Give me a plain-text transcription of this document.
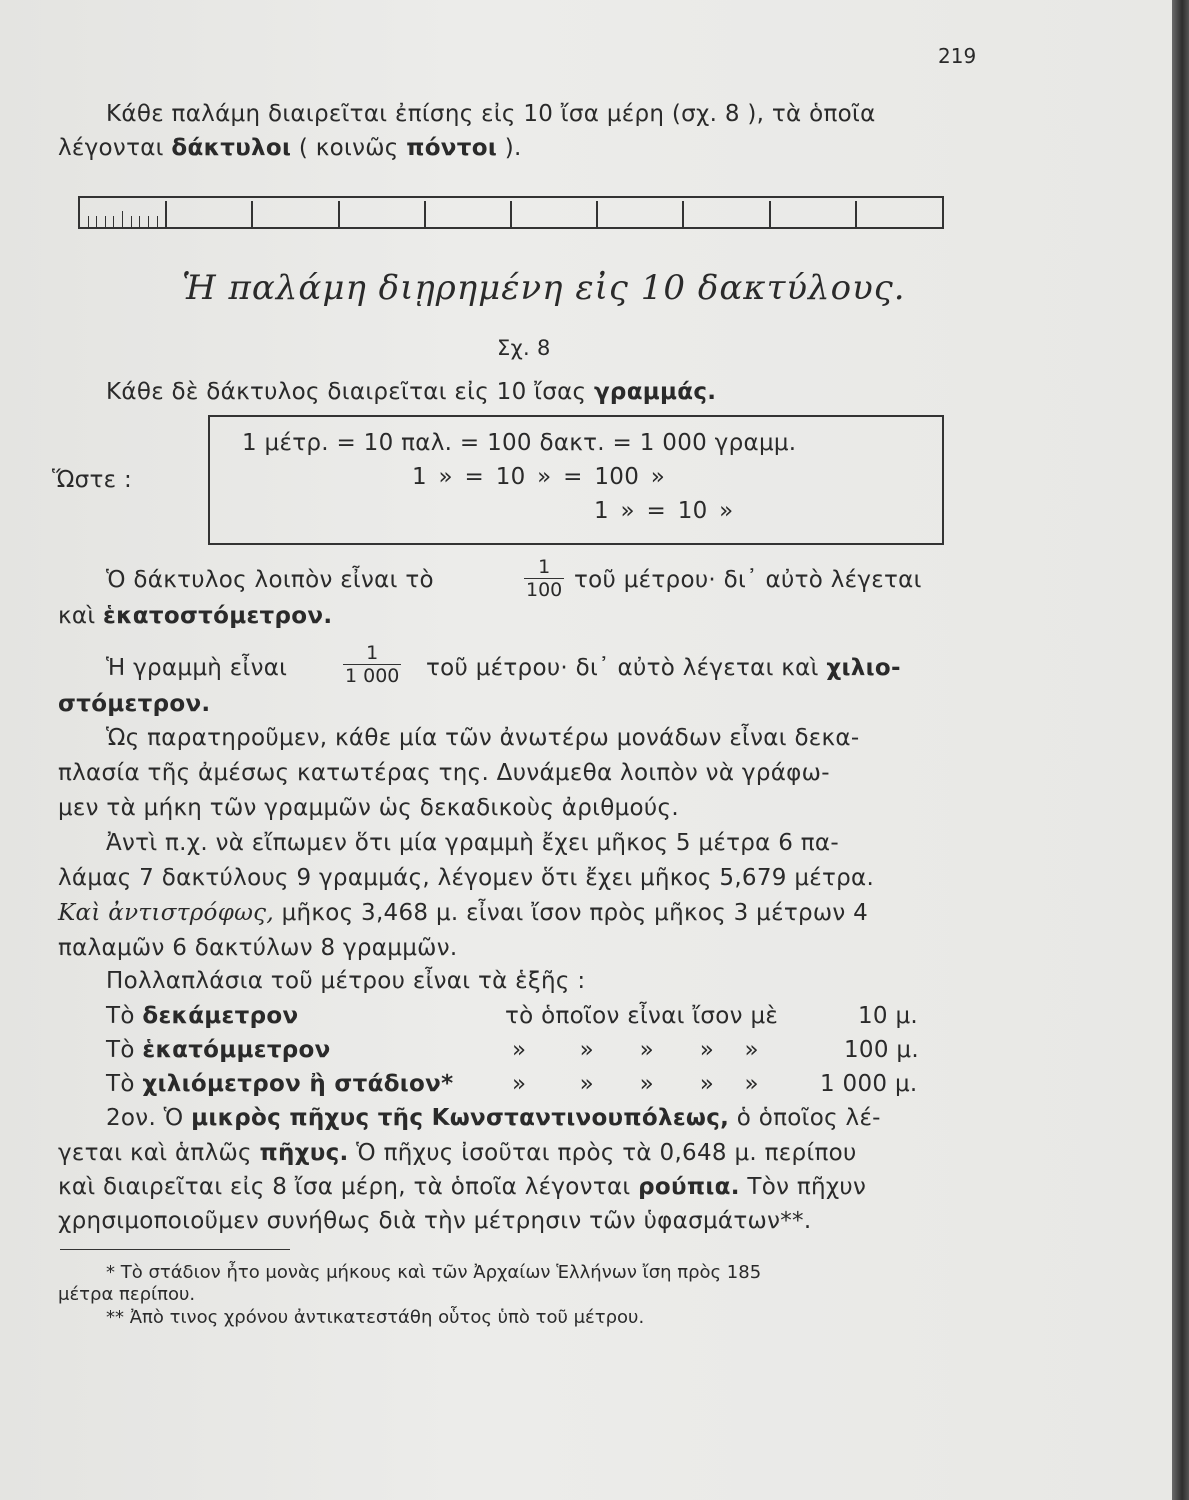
219
Κάθε παλάμη διαιρεῖται ἐπίσης εἰς 10 ἴσα μέρη (σχ. 8 ), τὰ ὁποῖα
λέγονται δάκτυλοι ( κοινῶς πόντοι ).
Ἡ παλάμη διῃρημένη εἰς 10 δακτύλους.
Σχ. 8
Κάθε δὲ δάκτυλος διαιρεῖται εἰς 10 ἴσας γραμμάς.
Ὥστε :
1 μέτρ. = 10 παλ. = 100 δακτ. = 1 000 γραμμ.
1 » = 10 » = 100 »
1 » = 10 »
Ὁ δάκτυλος λοιπὸν εἶναι τὸ	$\frac{1}{100}$ τοῦ μέτρου· δι᾽ αὐτὸ λέγεται
καὶ ἑκατοστόμετρον.
Ἡ γραμμὴ εἶναι	$\frac{1}{1 000}$ τοῦ μέτρου· δι᾽ αὐτὸ λέγεται καὶ χιλιο-
στόμετρον.
Ὡς παρατηροῦμεν, κάθε μία τῶν ἀνωτέρω μονάδων εἶναι δεκα-
πλασία τῆς ἀμέσως κατωτέρας της. Δυνάμεθα λοιπὸν νὰ γράφω-
μεν τὰ μήκη τῶν γραμμῶν ὡς δεκαδικοὺς ἀριθμούς.
Ἀντὶ π.χ. νὰ εἴπωμεν ὅτι μία γραμμὴ ἔχει μῆκος 5 μέτρα 6 πα-
λάμας 7 δακτύλους 9 γραμμάς, λέγομεν ὅτι ἔχει μῆκος 5,679 μέτρα.
Καὶ ἀντιστρόφως, μῆκος 3,468 μ. εἶναι ἴσον πρὸς μῆκος 3 μέτρων 4
παλαμῶν 6 δακτύλων 8 γραμμῶν.
Πολλαπλάσια τοῦ μέτρου εἶναι τὰ ἑξῆς :
Τὸ δεκάμετρον	τὸ ὁποῖον εἶναι ἴσον μὲ	10 μ.
Τὸ ἑκατόμμετρον	»       »      »      »    »	100 μ.
Τὸ χιλιόμετρον ἢ στάδιον*	»       »      »      »    »	1 000 μ.
2ον. Ὁ μικρὸς πῆχυς τῆς Κωνσταντινουπόλεως, ὁ ὁποῖος λέ-
γεται καὶ ἁπλῶς πῆχυς. Ὁ πῆχυς ἰσοῦται πρὸς τὰ 0,648 μ. περίπου
καὶ διαιρεῖται εἰς 8 ἴσα μέρη, τὰ ὁποῖα λέγονται ρούπια. Τὸν πῆχυν
χρησιμοποιοῦμεν συνήθως διὰ τὴν μέτρησιν τῶν ὑφασμάτων**.
* Τὸ στάδιον ἦτο μονὰς μήκους καὶ τῶν Ἀρχαίων Ἑλλήνων ἴση πρὸς 185
μέτρα περίπου.
** Ἀπὸ τινος χρόνου ἀντικατεστάθη οὗτος ὑπὸ τοῦ μέτρου.
